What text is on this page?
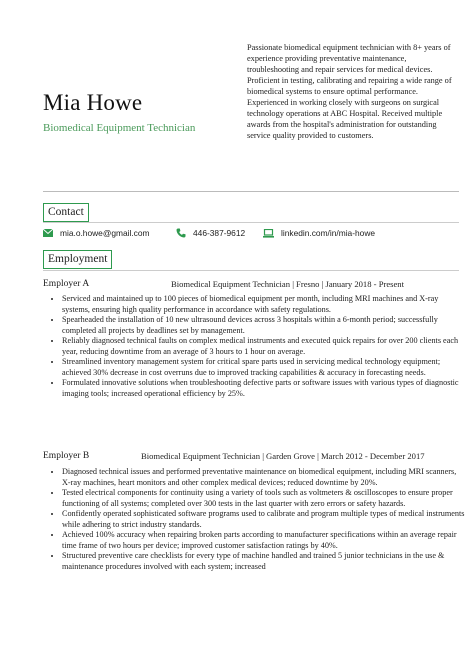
Mia Howe
Biomedical Equipment Technician
Passionate biomedical equipment technician with 8+ years of experience providing preventative maintenance, troubleshooting and repair services for medical devices. Proficient in testing, calibrating and repairing a wide range of biomedical systems to ensure optimal performance. Experienced in working closely with surgeons on surgical technology operations at ABC Hospital. Received multiple awards from the hospital's administration for outstanding service quality provided to customers.
Contact
mia.o.howe@gmail.com	446-387-9612	linkedin.com/in/mia-howe
Employment
Employer A	Biomedical Equipment Technician | Fresno | January 2018 - Present
• Serviced and maintained up to 100 pieces of biomedical equipment per month, including MRI machines and X-ray systems, ensuring high quality performance in accordance with safety regulations.
• Spearheaded the installation of 10 new ultrasound devices across 3 hospitals within a 6-month period; successfully completed all projects by deadlines set by management.
• Reliably diagnosed technical faults on complex medical instruments and executed quick repairs for over 200 clients each year, reducing downtime from an average of 3 hours to 1 hour on average.
• Streamlined inventory management system for critical spare parts used in servicing medical technology equipment; achieved 30% decrease in cost overruns due to improved tracking capabilities & accuracy in forecasting needs.
• Formulated innovative solutions when troubleshooting defective parts or software issues with various types of diagnostic imaging tools; increased operational efficiency by 25%.
Employer B	Biomedical Equipment Technician | Garden Grove | March 2012 - December 2017
• Diagnosed technical issues and performed preventative maintenance on biomedical equipment, including MRI scanners, X-ray machines, heart monitors and other complex medical devices; reduced downtime by 20%.
• Tested electrical components for continuity using a variety of tools such as voltmeters & oscilloscopes to ensure proper functioning of all systems; completed over 300 tests in the last quarter with zero errors or safety hazards.
• Confidently operated sophisticated software programs used to calibrate and program multiple types of medical instruments while adhering to strict industry standards.
• Achieved 100% accuracy when repairing broken parts according to manufacturer specifications within an average repair time frame of two hours per device; improved customer satisfaction ratings by 40%.
• Structured preventive care checklists for every type of machine handled and trained 5 junior technicians in the use & maintenance procedures involved with each system; increased
